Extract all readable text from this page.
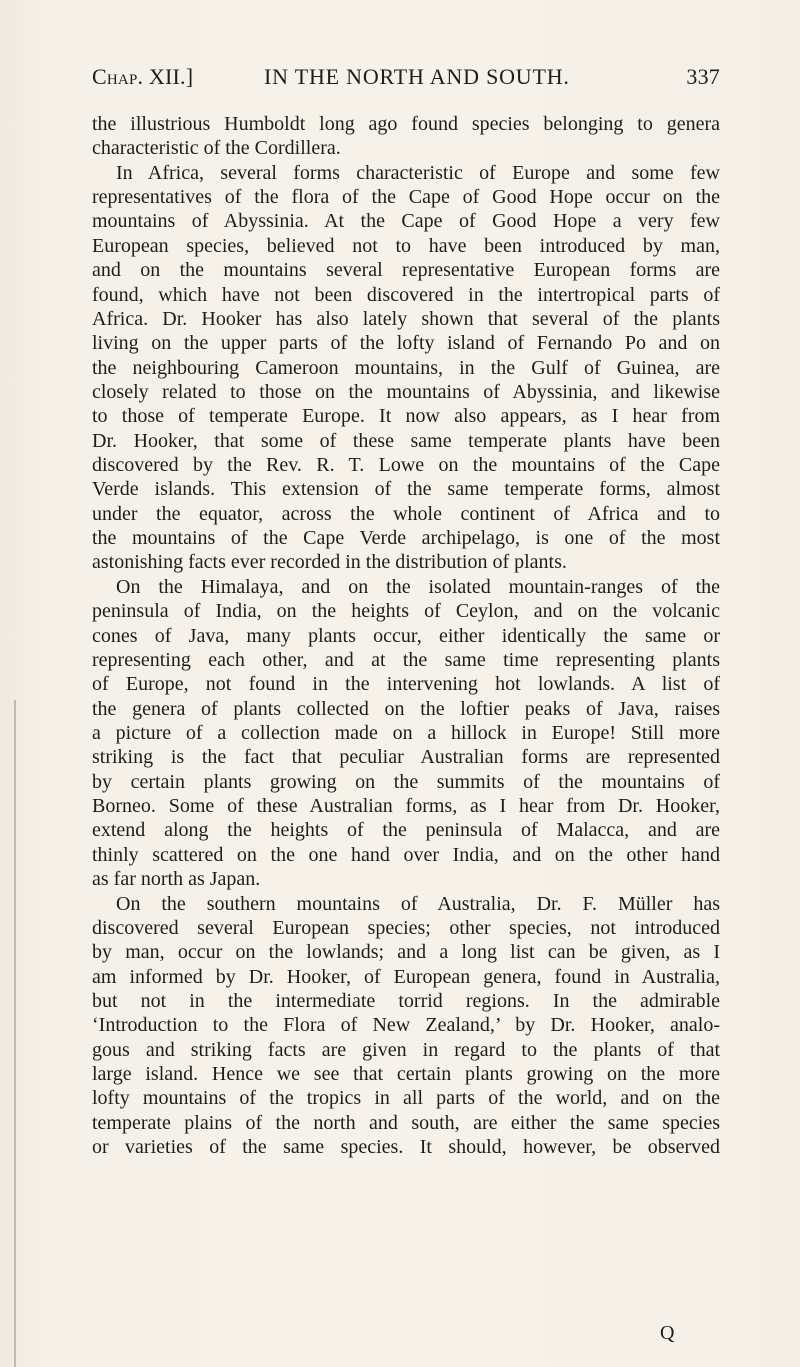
Chap. XII.]	IN THE NORTH AND SOUTH.	337
the illustrious Humboldt long ago found species belonging to genera
characteristic of the Cordillera.
In Africa, several forms characteristic of Europe and some few
representatives of the flora of the Cape of Good Hope occur on the
mountains of Abyssinia. At the Cape of Good Hope a very few
European species, believed not to have been introduced by man,
and on the mountains several representative European forms are
found, which have not been discovered in the intertropical parts of
Africa. Dr. Hooker has also lately shown that several of the plants
living on the upper parts of the lofty island of Fernando Po and on
the neighbouring Cameroon mountains, in the Gulf of Guinea, are
closely related to those on the mountains of Abyssinia, and likewise
to those of temperate Europe. It now also appears, as I hear from
Dr. Hooker, that some of these same temperate plants have been
discovered by the Rev. R. T. Lowe on the mountains of the Cape
Verde islands. This extension of the same temperate forms, almost
under the equator, across the whole continent of Africa and to
the mountains of the Cape Verde archipelago, is one of the most
astonishing facts ever recorded in the distribution of plants.
On the Himalaya, and on the isolated mountain-ranges of the
peninsula of India, on the heights of Ceylon, and on the volcanic
cones of Java, many plants occur, either identically the same or
representing each other, and at the same time representing plants
of Europe, not found in the intervening hot lowlands. A list of
the genera of plants collected on the loftier peaks of Java, raises
a picture of a collection made on a hillock in Europe! Still more
striking is the fact that peculiar Australian forms are represented
by certain plants growing on the summits of the mountains of
Borneo. Some of these Australian forms, as I hear from Dr. Hooker,
extend along the heights of the peninsula of Malacca, and are
thinly scattered on the one hand over India, and on the other hand
as far north as Japan.
On the southern mountains of Australia, Dr. F. Müller has
discovered several European species; other species, not introduced
by man, occur on the lowlands; and a long list can be given, as I
am informed by Dr. Hooker, of European genera, found in Australia,
but not in the intermediate torrid regions. In the admirable
‘Introduction to the Flora of New Zealand,’ by Dr. Hooker, analo-
gous and striking facts are given in regard to the plants of that
large island. Hence we see that certain plants growing on the more
lofty mountains of the tropics in all parts of the world, and on the
temperate plains of the north and south, are either the same species
or varieties of the same species. It should, however, be observed
Q
